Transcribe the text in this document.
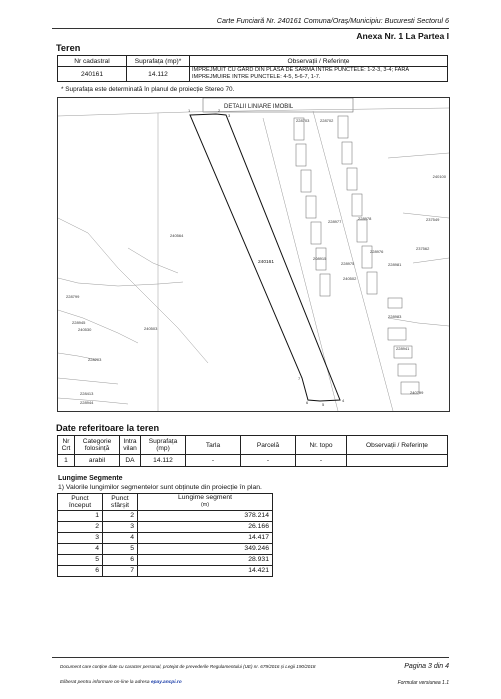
Carte Funciară Nr. 240161 Comuna/Oraș/Municipiu: Bucuresti Sectorul 6
Anexa Nr. 1 La Partea I
Teren
Nr cadastral	Suprafața (mp)*	Observații / Referințe
240161	14.112	IMPREJMUIT CU GARD DIN PLASA DE SARMA INTRE PUNCTELE: 1-2-3, 3-4; FARA IMPREJMUIRE INTRE PUNCTELE: 4-5, 5-6-7, 1-7.
* Suprafața este determinată în planul de proiecție Stereo 70.
240161
DETALII LINIARE IMOBIL
1	2
3
4
5
6
7
228703	228702
240100
228977
228978	237549
240564
208915
228976
228975
237562
228981
240502
240503
228941
228799
228945
240530
228203
228413
228944
240799
228983
Date referitoare la teren
Nr Crt	Categorie folosință	Intra vilan	Suprafața (mp)	Tarla	Parcelă	Nr. topo	Observații / Referințe
1	arabil	DA	14.112	-	-	-	
Lungime Segmente
1) Valorile lungimilor segmentelor sunt obținute din proiecție în plan.
Punct început	Punct sfârșit	Lungime segment
(m)
1	2	378.214
2	3	26.166
3	4	14.417
4	5	349.246
5	6	28.931
6	7	14.421
Document care conține date cu caracter personal, protejat de prevederile Regulamentului (UE) nr. 679/2016 și Legii 190/2018	Pagina 3 din 4
Eliberat pentru informare on-line la adresa epay.ancpi.ro	Formular versiunea 1.1
